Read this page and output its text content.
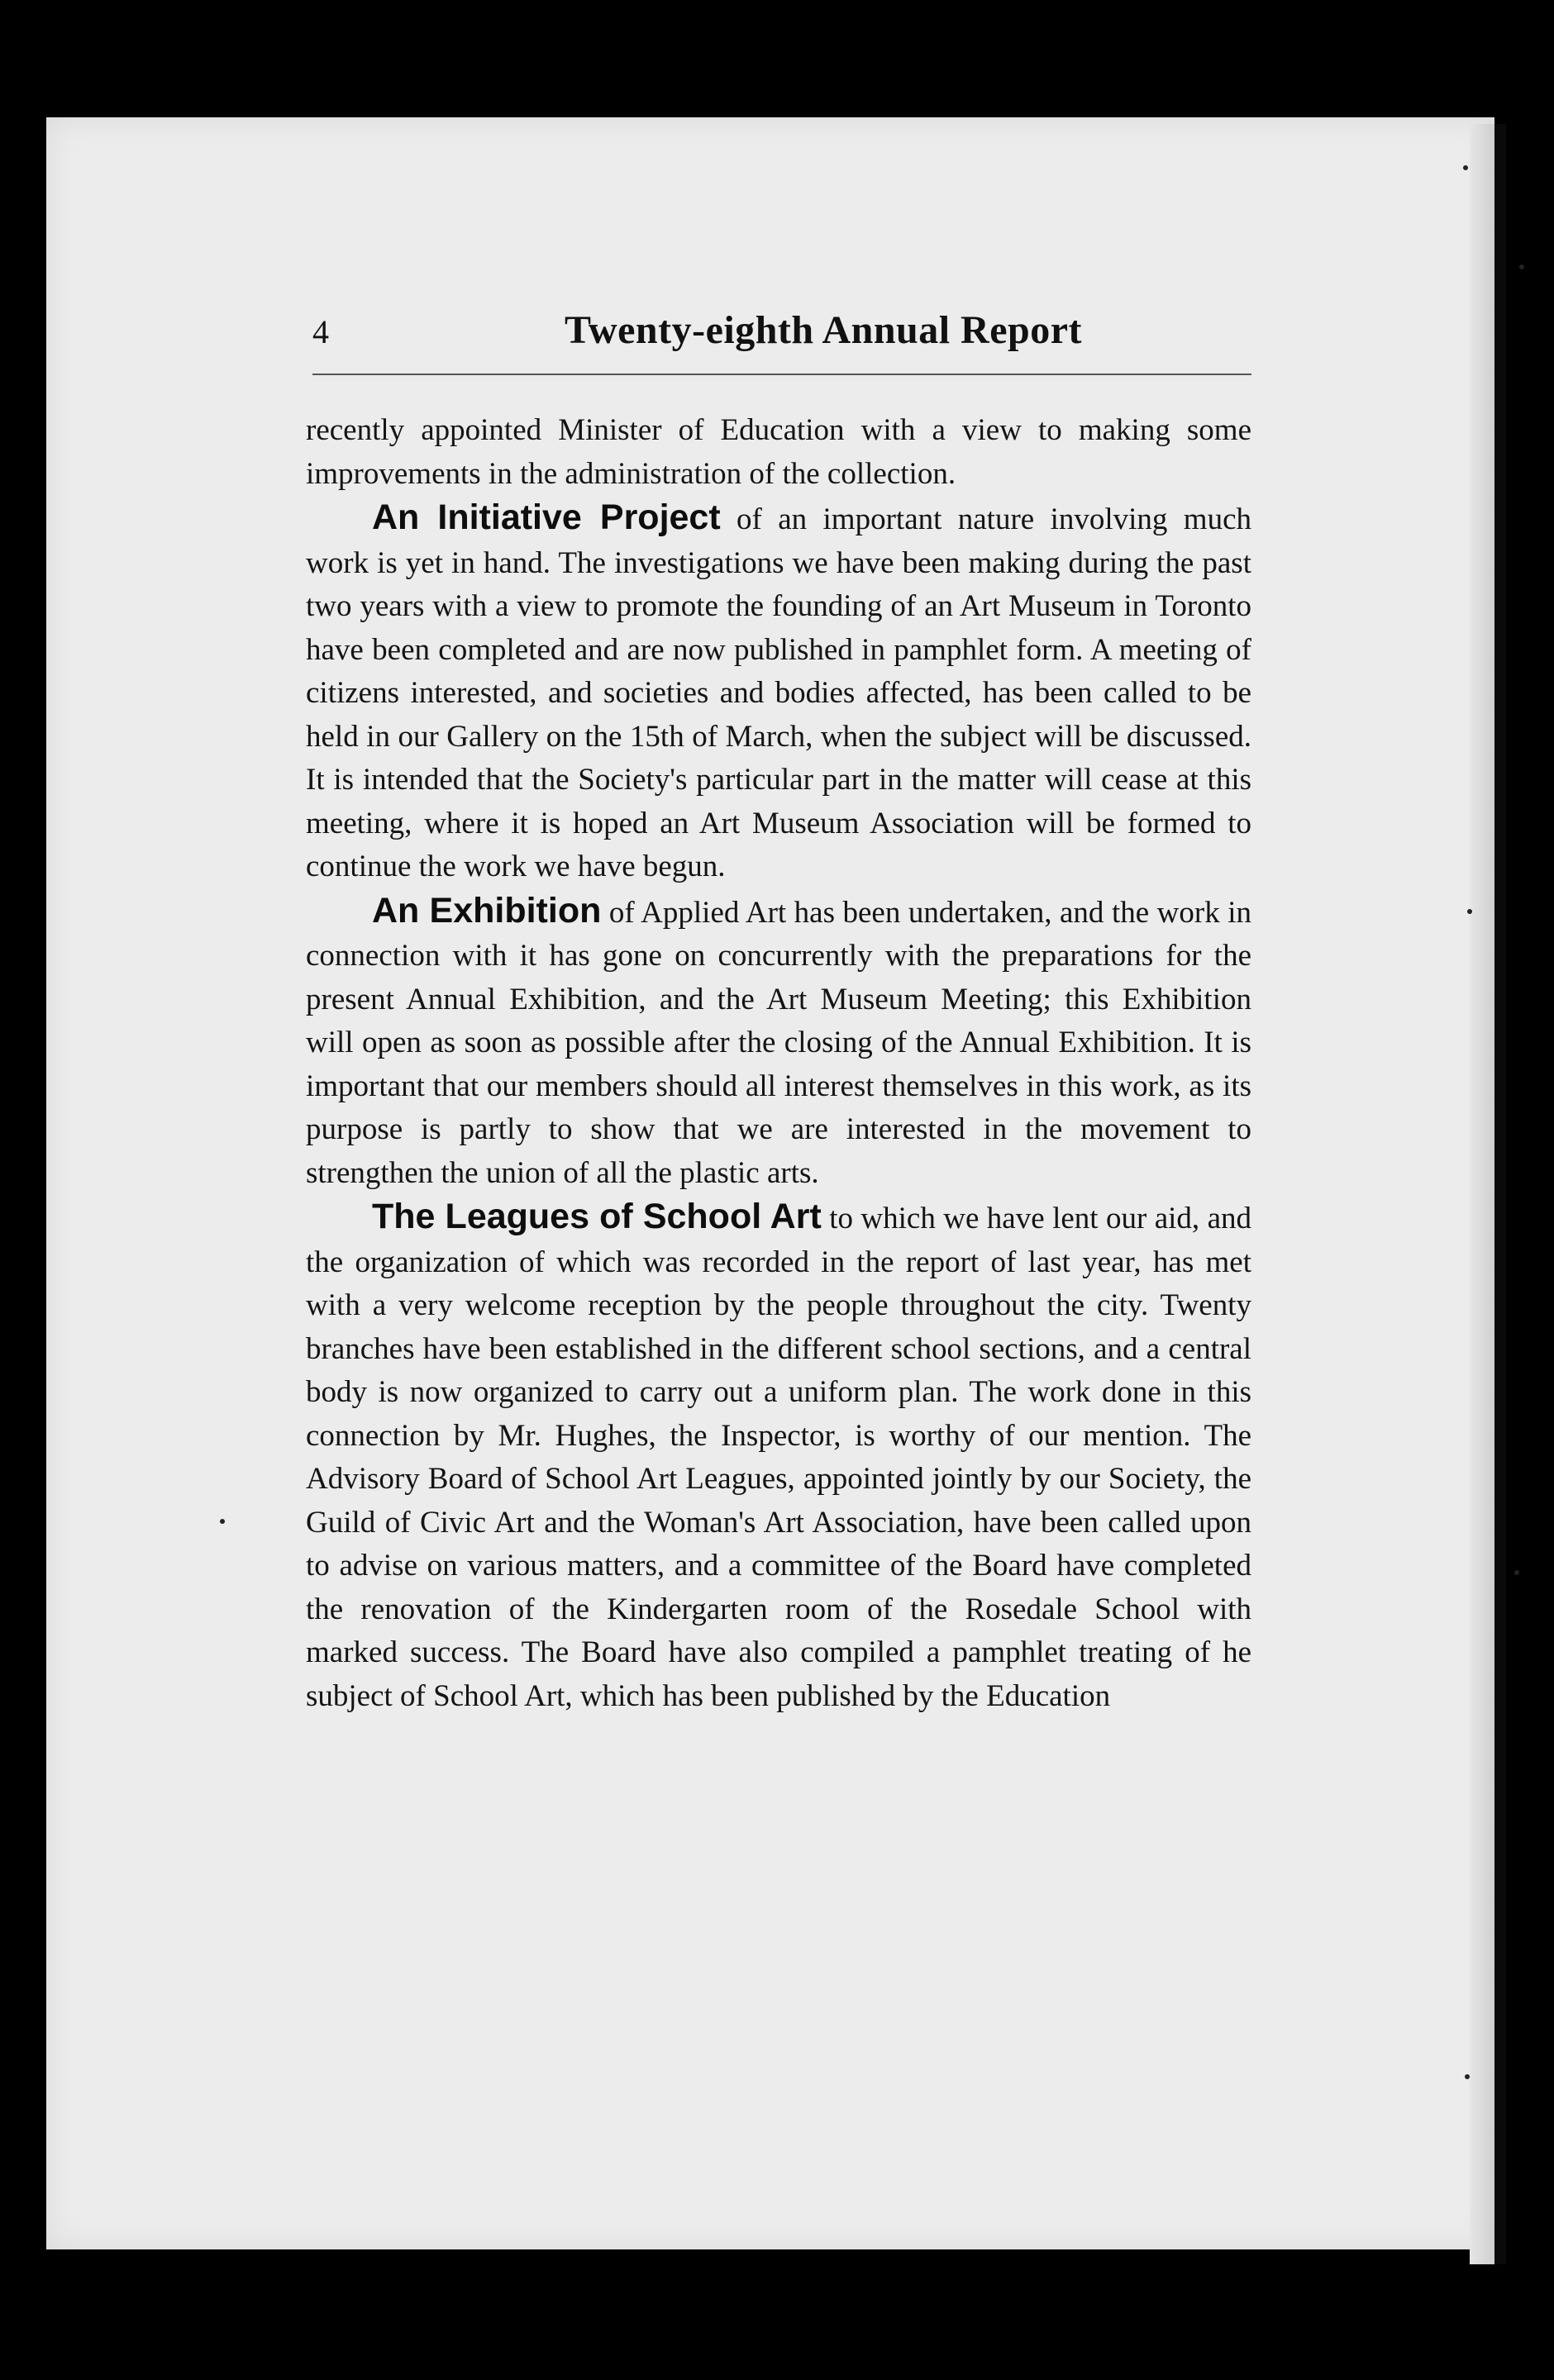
4	Twenty-eighth Annual Report

recently appointed Minister of Education with a view to making some improvements in the administration of the collection.

An Initiative Project of an important nature involving much work is yet in hand. The investigations we have been making during the past two years with a view to promote the founding of an Art Museum in Toronto have been completed and are now published in pamphlet form. A meeting of citizens interested, and societies and bodies affected, has been called to be held in our Gallery on the 15th of March, when the subject will be discussed. It is intended that the Society's particular part in the matter will cease at this meeting, where it is hoped an Art Museum Association will be formed to continue the work we have begun.

An Exhibition of Applied Art has been undertaken, and the work in connection with it has gone on concurrently with the preparations for the present Annual Exhibition, and the Art Museum Meeting; this Exhibition will open as soon as possible after the closing of the Annual Exhibition. It is important that our members should all interest themselves in this work, as its purpose is partly to show that we are interested in the movement to strengthen the union of all the plastic arts.

The Leagues of School Art to which we have lent our aid, and the organization of which was recorded in the report of last year, has met with a very welcome reception by the people throughout the city. Twenty branches have been established in the different school sections, and a central body is now organized to carry out a uniform plan. The work done in this connection by Mr. Hughes, the Inspector, is worthy of our mention. The Advisory Board of School Art Leagues, appointed jointly by our Society, the Guild of Civic Art and the Woman's Art Association, have been called upon to advise on various matters, and a committee of the Board have completed the renovation of the Kindergarten room of the Rosedale School with marked success. The Board have also compiled a pamphlet treating of he subject of School Art, which has been published by the Education
